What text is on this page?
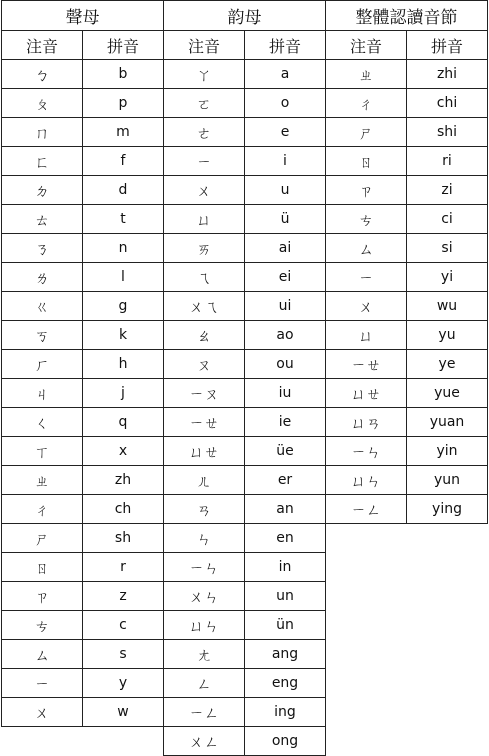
聲母	
注音	拼音
ㄅ	b
ㄆ	p
ㄇ	m
ㄈ	f
ㄉ	d
ㄊ	t
ㄋ	n
ㄌ	l
ㄍ	g
ㄎ	k
ㄏ	h
ㄐ	j
ㄑ	q
ㄒ	x
ㄓ	zh
ㄔ	ch
ㄕ	sh
ㄖ	r
ㄗ	z
ㄘ	c
ㄙ	s
ㄧ	y
ㄨ	w
韵母	
注音	拼音
ㄚ	a
ㄛ	o
ㄜ	e
ㄧ	i
ㄨ	u
ㄩ	ü
ㄞ	ai
ㄟ	ei
ㄨㄟ	ui
ㄠ	ao
ㄡ	ou
ㄧㄡ	iu
ㄧㄝ	ie
ㄩㄝ	üe
ㄦ	er
ㄢ	an
ㄣ	en
ㄧㄣ	in
ㄨㄣ	un
ㄩㄣ	ün
ㄤ	ang
ㄥ	eng
ㄧㄥ	ing
ㄨㄥ	ong
整體認讀音節	
注音	拼音
ㄓ	zhi
ㄔ	chi
ㄕ	shi
ㄖ	ri
ㄗ	zi
ㄘ	ci
ㄙ	si
ㄧ	yi
ㄨ	wu
ㄩ	yu
ㄧㄝ	ye
ㄩㄝ	yue
ㄩㄢ	yuan
ㄧㄣ	yin
ㄩㄣ	yun
ㄧㄥ	ying
